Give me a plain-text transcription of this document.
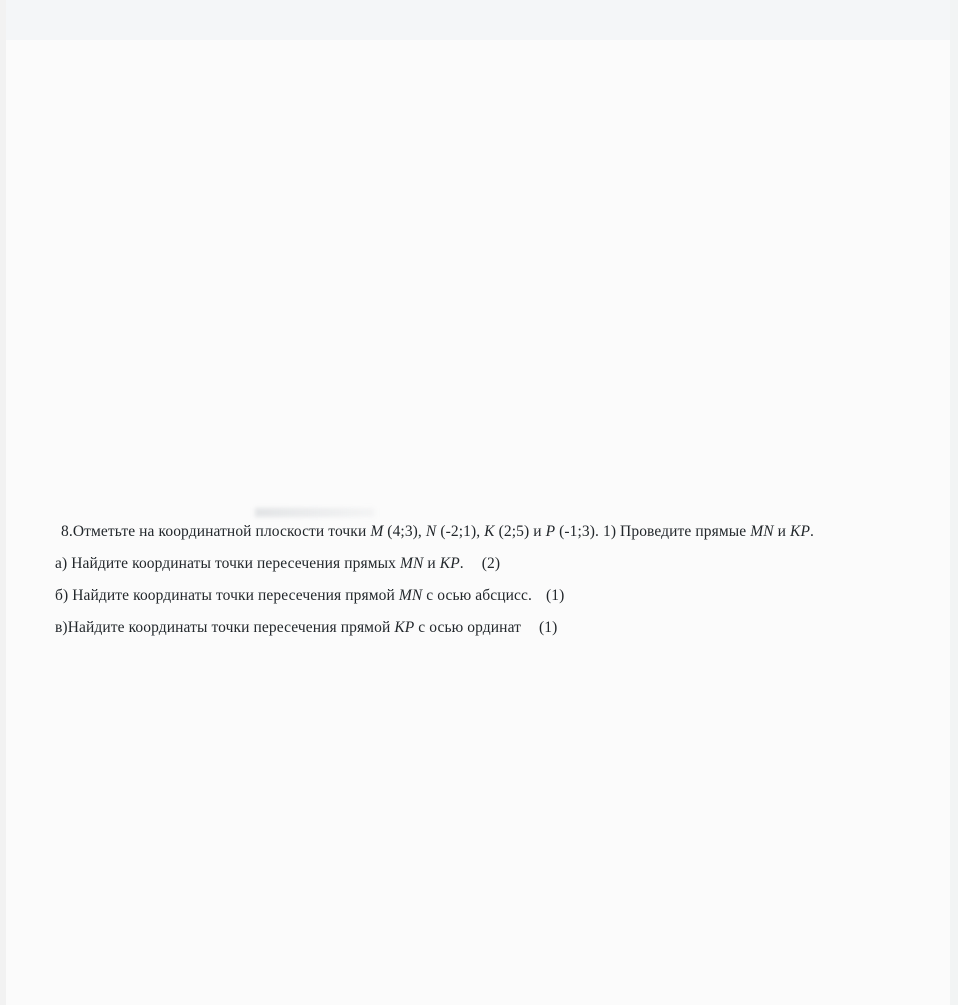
8.Отметьте на координатной плоскости точки M (4;3), N (-2;1), K (2;5) и P (-1;3). 1) Проведите прямые MN и KP.

а) Найдите координаты точки пересечения прямых MN и KP. (2)

б) Найдите координаты точки пересечения прямой MN с осью абсцисс. (1)

в)Найдите координаты точки пересечения прямой KP с осью ординат (1)
